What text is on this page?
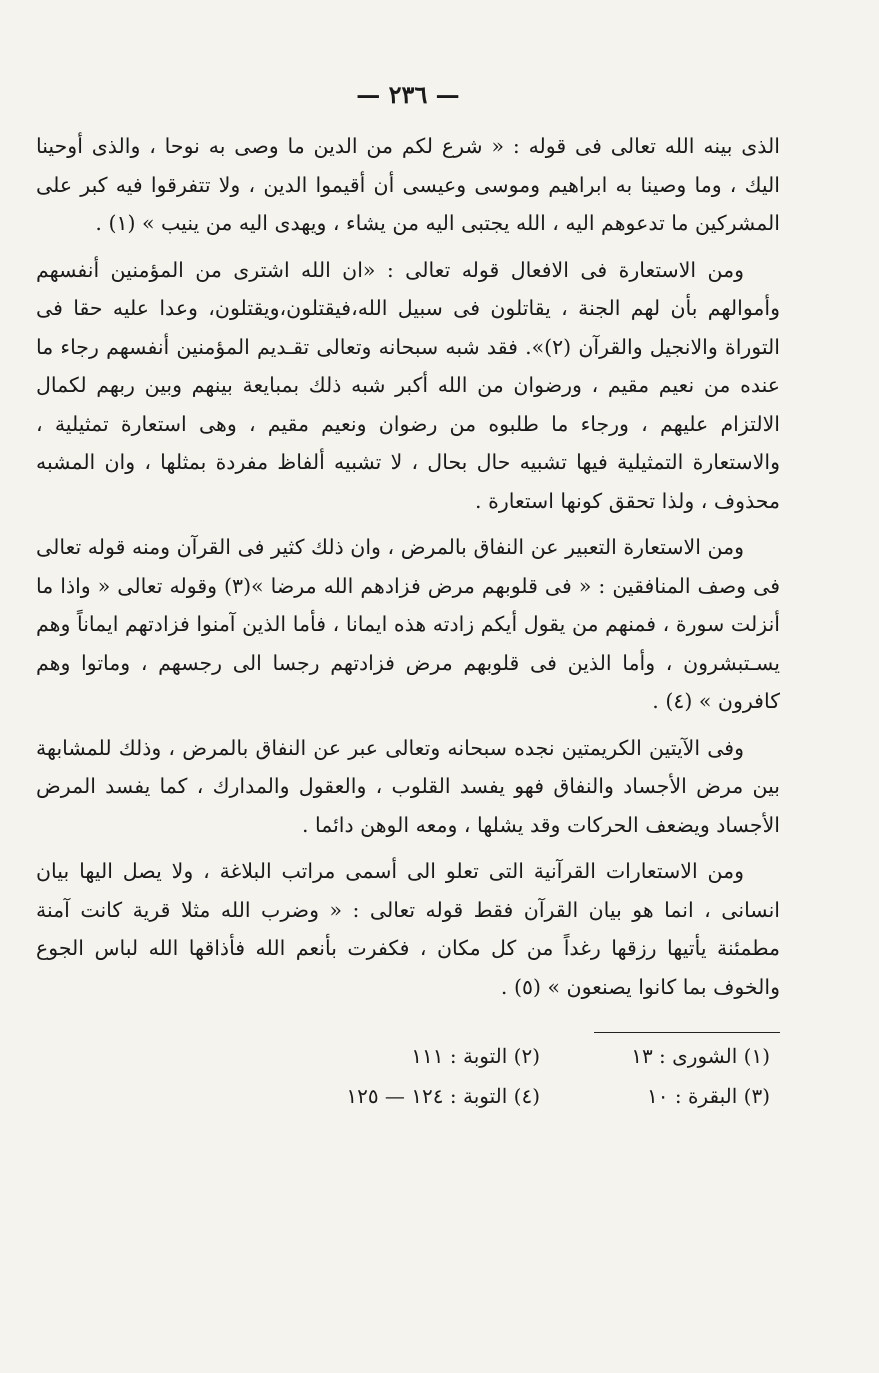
— ٢٣٦ —

الذى بينه الله تعالى فى قوله : « شرع لكم من الدين ما وصى به نوحا ، والذى أوحينا اليك ، وما وصينا به ابراهيم وموسى وعيسى أن أقيموا الدين ، ولا تتفرقوا فيه كبر على المشركين ما تدعوهم اليه ، الله يجتبى اليه من يشاء ، ويهدى اليه من ينيب » (١) .

ومن الاستعارة فى الافعال قوله تعالى : «ان الله اشترى من المؤمنين أنفسهم وأموالهم بأن لهم الجنة ، يقاتلون فى سبيل الله،فيقتلون،ويقتلون، وعدا عليه حقا فى التوراة والانجيل والقرآن (٢)». فقد شبه سبحانه وتعالى تقـديم المؤمنين أنفسهم رجاء ما عنده من نعيم مقيم ، ورضوان من الله أكبر شبه ذلك بمبايعة بينهم وبين ربهم لكمال الالتزام عليهم ، ورجاء ما طلبوه من رضوان ونعيم مقيم ، وهى استعارة تمثيلية ، والاستعارة التمثيلية فيها تشبيه حال بحال ، لا تشبيه ألفاظ مفردة بمثلها ، وان المشبه محذوف ، ولذا تحقق كونها استعارة .

ومن الاستعارة التعبير عن النفاق بالمرض ، وان ذلك كثير فى القرآن ومنه قوله تعالى فى وصف المنافقين : « فى قلوبهم مرض فزادهم الله مرضا »(٣) وقوله تعالى « واذا ما أنزلت سورة ، فمنهم من يقول أيكم زادته هذه ايمانا ، فأما الذين آمنوا فزادتهم ايماناً وهم يسـتبشرون ، وأما الذين فى قلوبهم مرض فزادتهم رجسا الى رجسهم ، وماتوا وهم كافرون » (٤) .

وفى الآيتين الكريمتين نجده سبحانه وتعالى عبر عن النفاق بالمرض ، وذلك للمشابهة بين مرض الأجساد والنفاق فهو يفسد القلوب ، والعقول والمدارك ، كما يفسد المرض الأجساد ويضعف الحركات وقد يشلها ، ومعه الوهن دائما .

ومن الاستعارات القرآنية التى تعلو الى أسمى مراتب البلاغة ، ولا يصل اليها بيان انسانى ، انما هو بيان القرآن فقط قوله تعالى : « وضرب الله مثلا قرية كانت آمنة مطمئنة يأتيها رزقها رغداً من كل مكان ، فكفرت بأنعم الله فأذاقها الله لباس الجوع والخوف بما كانوا يصنعون » (٥) .

(١) الشورى : ١٣
(٢) التوبة : ١١١
(٣) البقرة : ١٠
(٤) التوبة : ١٢٤ — ١٢٥
